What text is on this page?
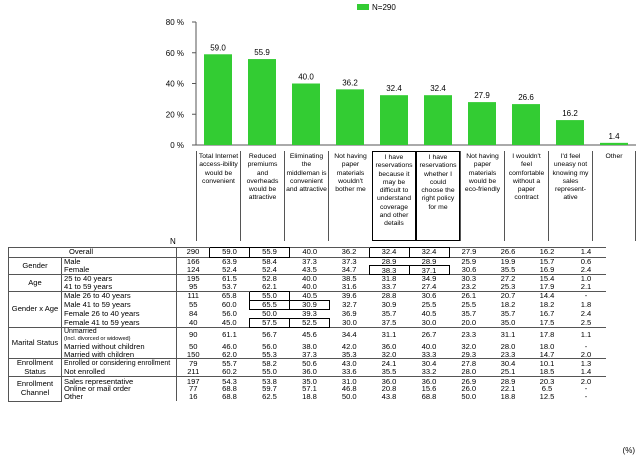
80 %
60 %
40 %
20 %
0 %
59.0
55.9
40.0
36.2
32.4	32.4
27.9	26.6
16.2
1.4
N=290
Total Internet access-ibility would be convenient
Reduced premiums and overheads would be attractive
Eliminating the middleman is convenient and attractive
Not having paper materials wouldn't bother me
I have reservations because it may be difficult to understand coverage and other details
I have reservations whether I could choose the right policy for me
Not having paper materials would be eco-friendly
I wouldn't feel comfortable without a paper contract
I'd feel uneasy not knowing my sales represent-ative
Other
N
Overall		290	59.0	55.9	40.0	36.2	32.4	32.4	27.9	26.6	16.2	1.4
Gender	Male	166	63.9	58.4	37.3	37.3	28.9	28.9	25.9	19.9	15.7	0.6
	Female	124	52.4	52.4	43.5	34.7	38.3	37.1	30.6	35.5	16.9	2.4
Age	25 to 40 years	195	61.5	52.8	40.0	38.5	31.8	34.9	30.3	27.2	15.4	1.0
	41 to 59 years	95	53.7	62.1	40.0	31.6	33.7	27.4	23.2	25.3	17.9	2.1
Gender x Age	Male 26 to 40 years	111	65.8	55.0	40.5	39.6	28.8	30.6	26.1	20.7	14.4	-
	Male 41 to 59 years	55	60.0	65.5	30.9	32.7	30.9	25.5	25.5	18.2	18.2	1.8
	Female 26 to 40 years	84	56.0	50.0	39.3	36.9	35.7	40.5	35.7	35.7	16.7	2.4
	Female 41 to 59 years	40	45.0	57.5	52.5	30.0	37.5	30.0	20.0	35.0	17.5	2.5
Marital Status	Unmarried
(Incl. divorced or widowed)	90	61.1	56.7	45.6	34.4	31.1	26.7	23.3	31.1	17.8	1.1
	Married without children	50	46.0	56.0	38.0	42.0	36.0	40.0	32.0	28.0	18.0	-
	Married with children	150	62.0	55.3	37.3	35.3	32.0	33.3	29.3	23.3	14.7	2.0
Enrollment Status	Enrolled or considering enrollment	79	55.7	58.2	50.6	43.0	24.1	30.4	27.8	30.4	10.1	1.3
	Not enrolled	211	60.2	55.0	36.0	33.6	35.5	33.2	28.0	25.1	18.5	1.4
Enrollment Channel	Sales representative	197	54.3	53.8	35.0	31.0	36.0	36.0	26.9	28.9	20.3	2.0
	Online or mail order	77	68.8	59.7	57.1	46.8	20.8	15.6	26.0	22.1	6.5	-
	Other	16	68.8	62.5	18.8	50.0	43.8	68.8	50.0	18.8	12.5	-
(%)
